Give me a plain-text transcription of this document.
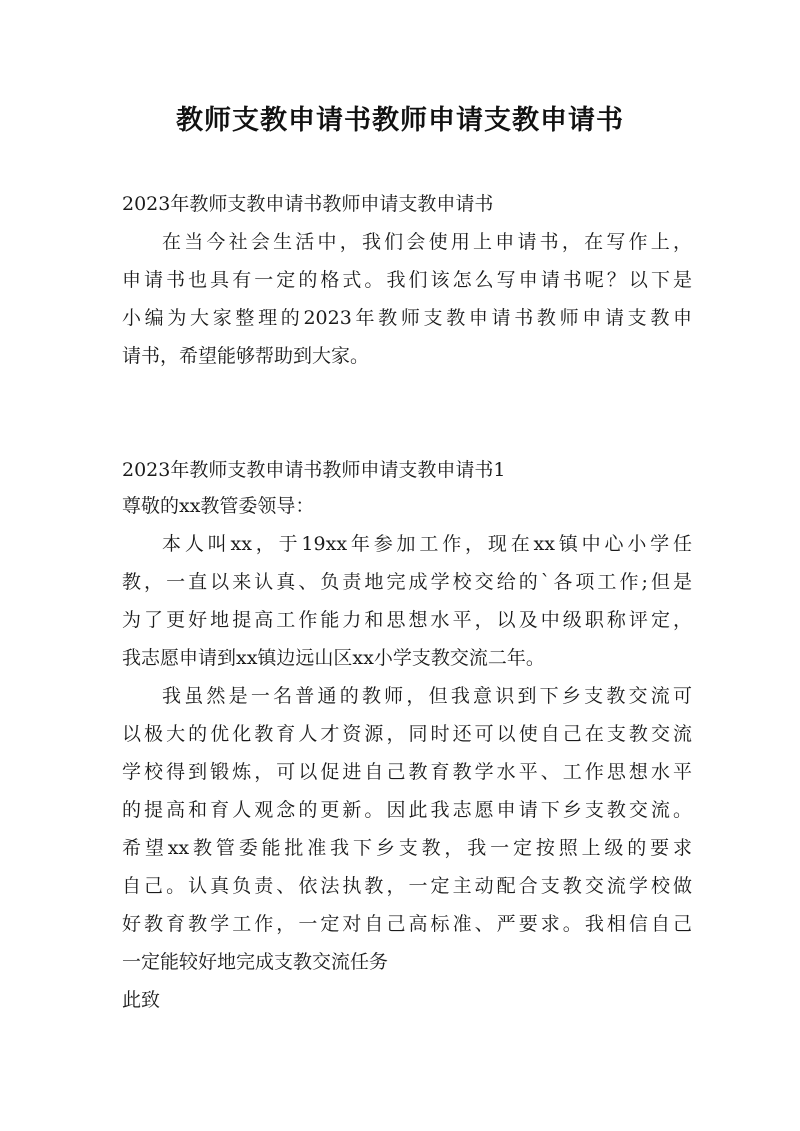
教师支教申请书教师申请支教申请书
2023年教师支教申请书教师申请支教申请书
在当今社会生活中，我们会使用上申请书，在写作上，
申请书也具有一定的格式。我们该怎么写申请书呢？以下是
小编为大家整理的2023年教师支教申请书教师申请支教申
请书，希望能够帮助到大家。
2023年教师支教申请书教师申请支教申请书1
尊敬的xx教管委领导：
本人叫xx，于19xx年参加工作，现在xx镇中心小学任
教，一直以来认真、负责地完成学校交给的`各项工作;但是
为了更好地提高工作能力和思想水平，以及中级职称评定，
我志愿申请到xx镇边远山区xx小学支教交流二年。
我虽然是一名普通的教师，但我意识到下乡支教交流可
以极大的优化教育人才资源，同时还可以使自己在支教交流
学校得到锻炼，可以促进自己教育教学水平、工作思想水平
的提高和育人观念的更新。因此我志愿申请下乡支教交流。
希望xx教管委能批准我下乡支教，我一定按照上级的要求
自己。认真负责、依法执教，一定主动配合支教交流学校做
好教育教学工作，一定对自己高标准、严要求。我相信自己
一定能较好地完成支教交流任务
此致
